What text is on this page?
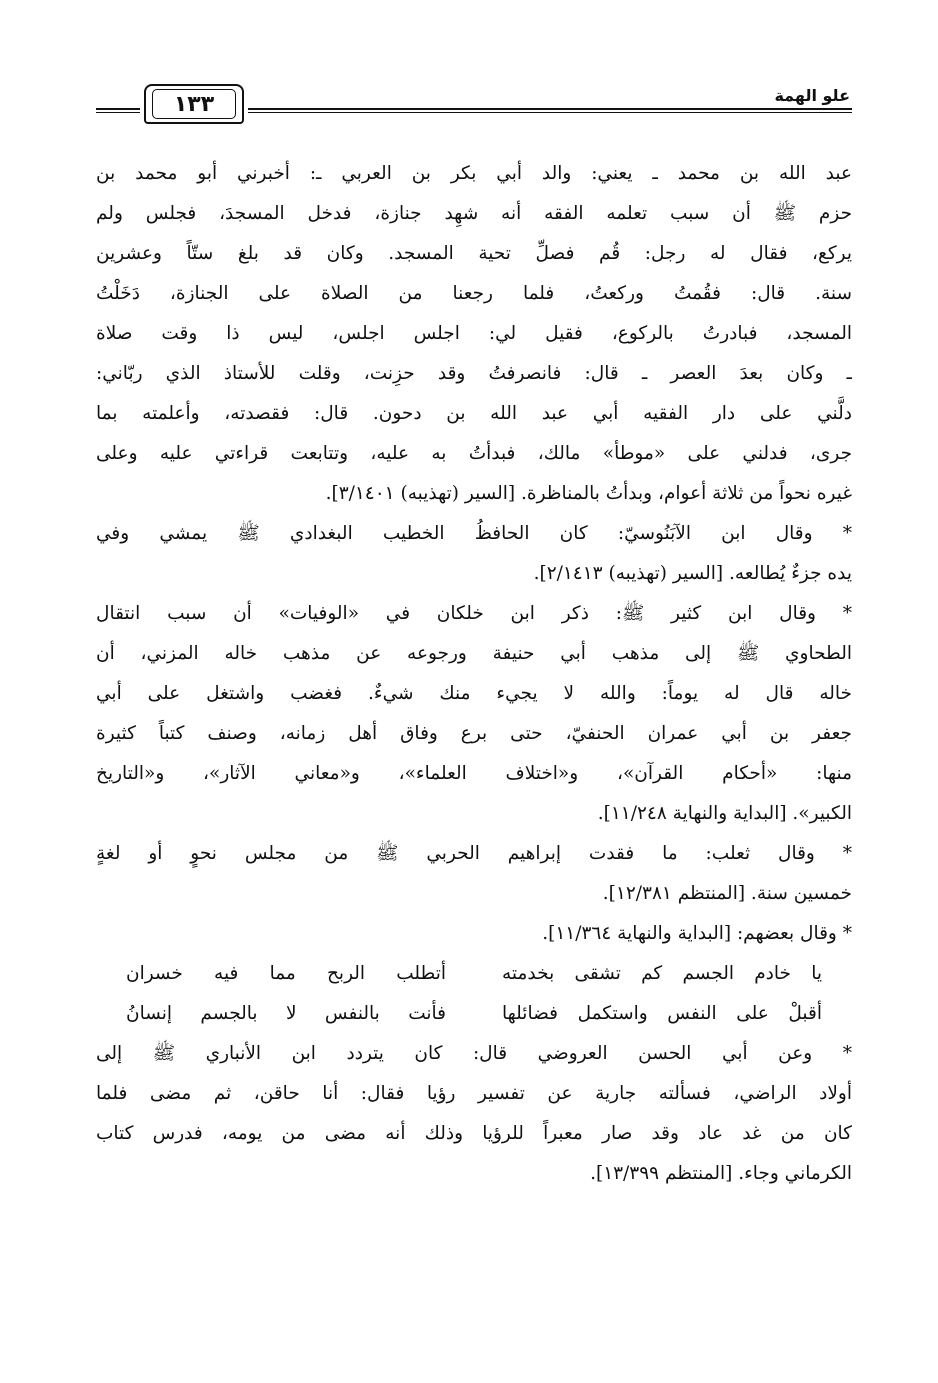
١٣٣	علو الهمة
عبد الله بن محمد ـ يعني: والد أبي بكر بن العربي ـ: أخبرني أبو محمد بن
حزم ﷺ أن سبب تعلمه الفقه أنه شهِد جنازة، فدخل المسجدَ، فجلس ولم
يركع، فقال له رجل: قُم فصلِّ تحية المسجد. وكان قد بلغ ستّاً وعشرين
سنة. قال: فقُمتُ وركعتُ، فلما رجعنا من الصلاة على الجنازة، دَخَلْتُ
المسجد، فبادرتُ بالركوع، فقيل لي: اجلس اجلس، ليس ذا وقت صلاة
ـ وكان بعدَ العصر ـ قال: فانصرفتُ وقد حزِنت، وقلت للأستاذ الذي ربّاني:
دلَّني على دار الفقيه أبي عبد الله بن دحون. قال: فقصدته، وأعلمته بما
جرى، فدلني على «موطأ» مالك، فبدأتُ به عليه، وتتابعت قراءتي عليه وعلى
غيره نحواً من ثلاثة أعوام، وبدأتُ بالمناظرة. [السير (تهذيبه) ٣/١٤٠١].
* وقال ابن الآبَنُوسيّ: كان الحافظُ الخطيب البغدادي ﷺ يمشي وفي
يده جزءٌ يُطالعه. [السير (تهذيبه) ٢/١٤١٣].
* وقال ابن كثير ﷺ: ذكر ابن خلكان في «الوفيات» أن سبب انتقال
الطحاوي ﷺ إلى مذهب أبي حنيفة ورجوعه عن مذهب خاله المزني، أن
خاله قال له يوماً: والله لا يجيء منك شيءٌ. فغضب واشتغل على أبي
جعفر بن أبي عمران الحنفيّ، حتى برع وفاق أهل زمانه، وصنف كتباً كثيرة
منها: «أحكام القرآن»، و«اختلاف العلماء»، و«معاني الآثار»، و«التاريخ
الكبير». [البداية والنهاية ١١/٢٤٨].
* وقال ثعلب: ما فقدت إبراهيم الحربي ﷺ من مجلس نحوٍ أو لغةٍ
خمسين سنة. [المنتظم ١٢/٣٨١].
* وقال بعضهم: [البداية والنهاية ١١/٣٦٤].
يا خادم الجسم كم تشقى بخدمته
أتطلب الربح مما فيه خسران
أقبلْ على النفس واستكمل فضائلها
فأنت بالنفس لا بالجسم إنسانُ
* وعن أبي الحسن العروضي قال: كان يتردد ابن الأنباري ﷺ إلى
أولاد الراضي، فسألته جارية عن تفسير رؤيا فقال: أنا حاقن، ثم مضى فلما
كان من غد عاد وقد صار معبراً للرؤيا وذلك أنه مضى من يومه، فدرس كتاب
الكرماني وجاء. [المنتظم ١٣/٣٩٩].
